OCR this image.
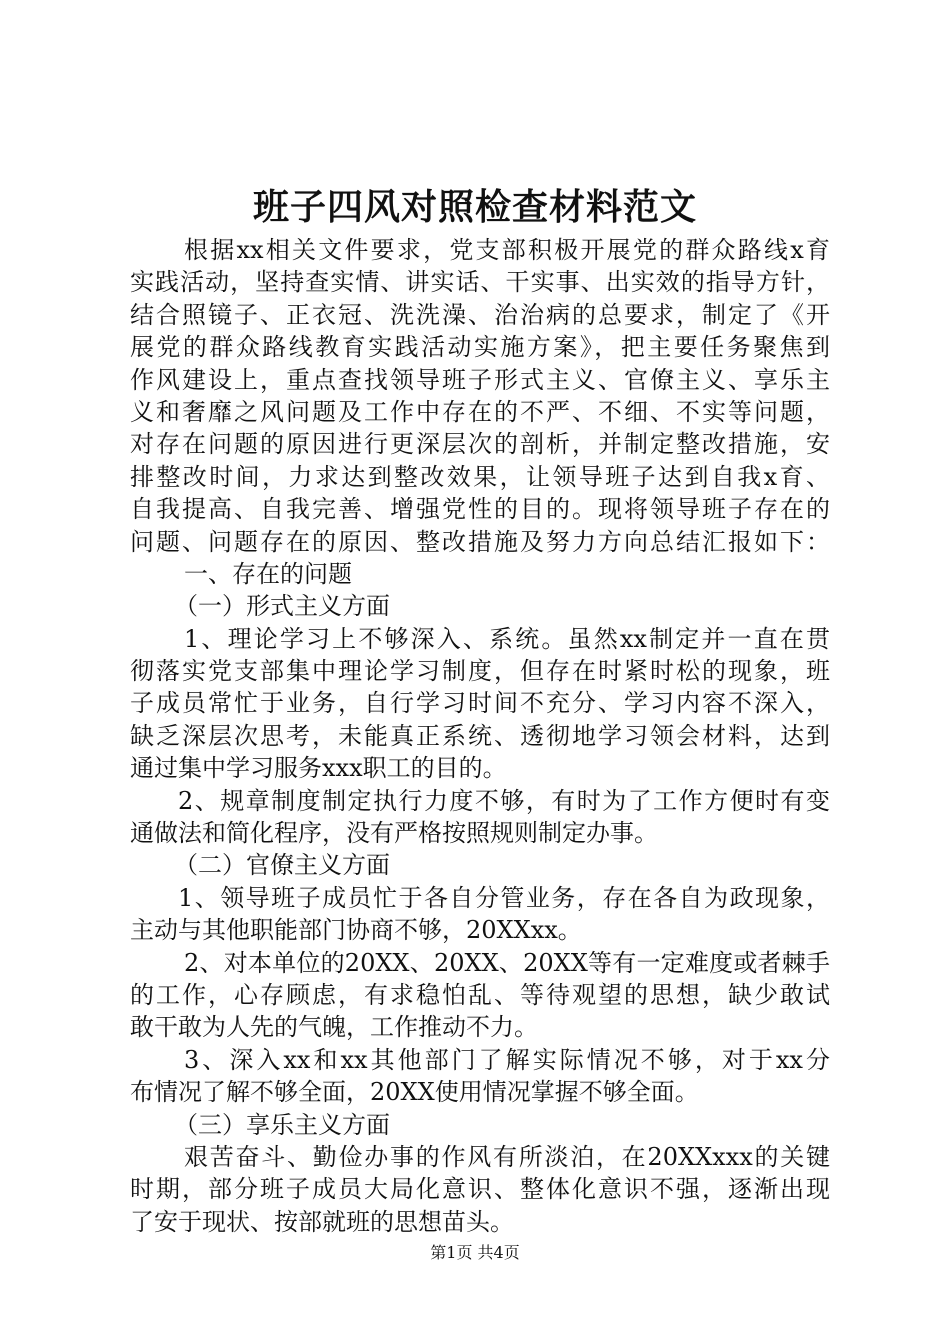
班子四风对照检查材料范文
根据xx相关文件要求，党支部积极开展党的群众路线x育
实践活动，坚持查实情、讲实话、干实事、出实效的指导方针，
结合照镜子、正衣冠、洗洗澡、治治病的总要求，制定了《开
展党的群众路线教育实践活动实施方案》，把主要任务聚焦到
作风建设上，重点查找领导班子形式主义、官僚主义、享乐主
义和奢靡之风问题及工作中存在的不严、不细、不实等问题，
对存在问题的原因进行更深层次的剖析，并制定整改措施，安
排整改时间，力求达到整改效果，让领导班子达到自我x育、
自我提高、自我完善、增强党性的目的。现将领导班子存在的
问题、问题存在的原因、整改措施及努力方向总结汇报如下：
一、存在的问题
（一）形式主义方面
1、理论学习上不够深入、系统。虽然xx制定并一直在贯
彻落实党支部集中理论学习制度，但存在时紧时松的现象，班
子成员常忙于业务，自行学习时间不充分、学习内容不深入，
缺乏深层次思考，未能真正系统、透彻地学习领会材料，达到
通过集中学习服务xxx职工的目的。
2、规章制度制定执行力度不够，有时为了工作方便时有变
通做法和简化程序，没有严格按照规则制定办事。
（二）官僚主义方面
1、领导班子成员忙于各自分管业务，存在各自为政现象，
主动与其他职能部门协商不够，20XXxx。
2、对本单位的20XX、20XX、20XX等有一定难度或者棘手
的工作，心存顾虑，有求稳怕乱、等待观望的思想，缺少敢试
敢干敢为人先的气魄，工作推动不力。
3、深入xx和xx其他部门了解实际情况不够，对于xx分
布情况了解不够全面，20XX使用情况掌握不够全面。
（三）享乐主义方面
艰苦奋斗、勤俭办事的作风有所淡泊，在20XXxxx的关键
时期，部分班子成员大局化意识、整体化意识不强，逐渐出现
了安于现状、按部就班的思想苗头。
第1页 共4页
